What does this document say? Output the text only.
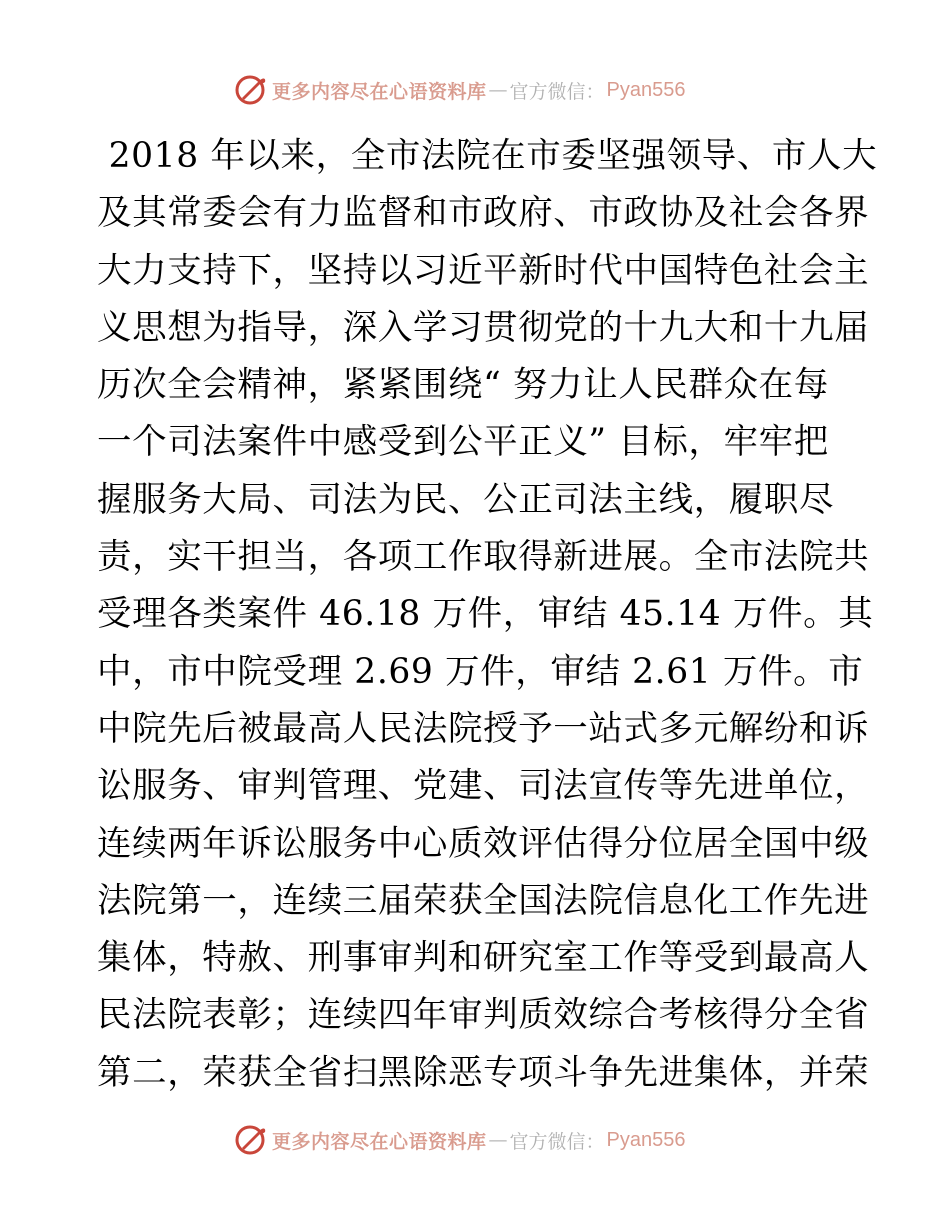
更多内容尽在心语资料库 — 官方微信： Pyan556
2018 年以来，全市法院在市委坚强领导、市人大
及其常委会有力监督和市政府、市政协及社会各界
大力支持下，坚持以习近平新时代中国特色社会主
义思想为指导，深入学习贯彻党的十九大和十九届
历次全会精神，紧紧围绕“ 努力让人民群众在每
一个司法案件中感受到公平正义” 目标，牢牢把
握服务大局、司法为民、公正司法主线，履职尽
责，实干担当，各项工作取得新进展。全市法院共
受理各类案件 46.18 万件，审结 45.14 万件。其
中，市中院受理 2.69 万件，审结 2.61 万件。市
中院先后被最高人民法院授予一站式多元解纷和诉
讼服务、审判管理、党建、司法宣传等先进单位，
连续两年诉讼服务中心质效评估得分位居全国中级
法院第一，连续三届荣获全国法院信息化工作先进
集体，特赦、刑事审判和研究室工作等受到最高人
民法院表彰；连续四年审判质效综合考核得分全省
第二，荣获全省扫黑除恶专项斗争先进集体，并荣
更多内容尽在心语资料库 — 官方微信： Pyan556
